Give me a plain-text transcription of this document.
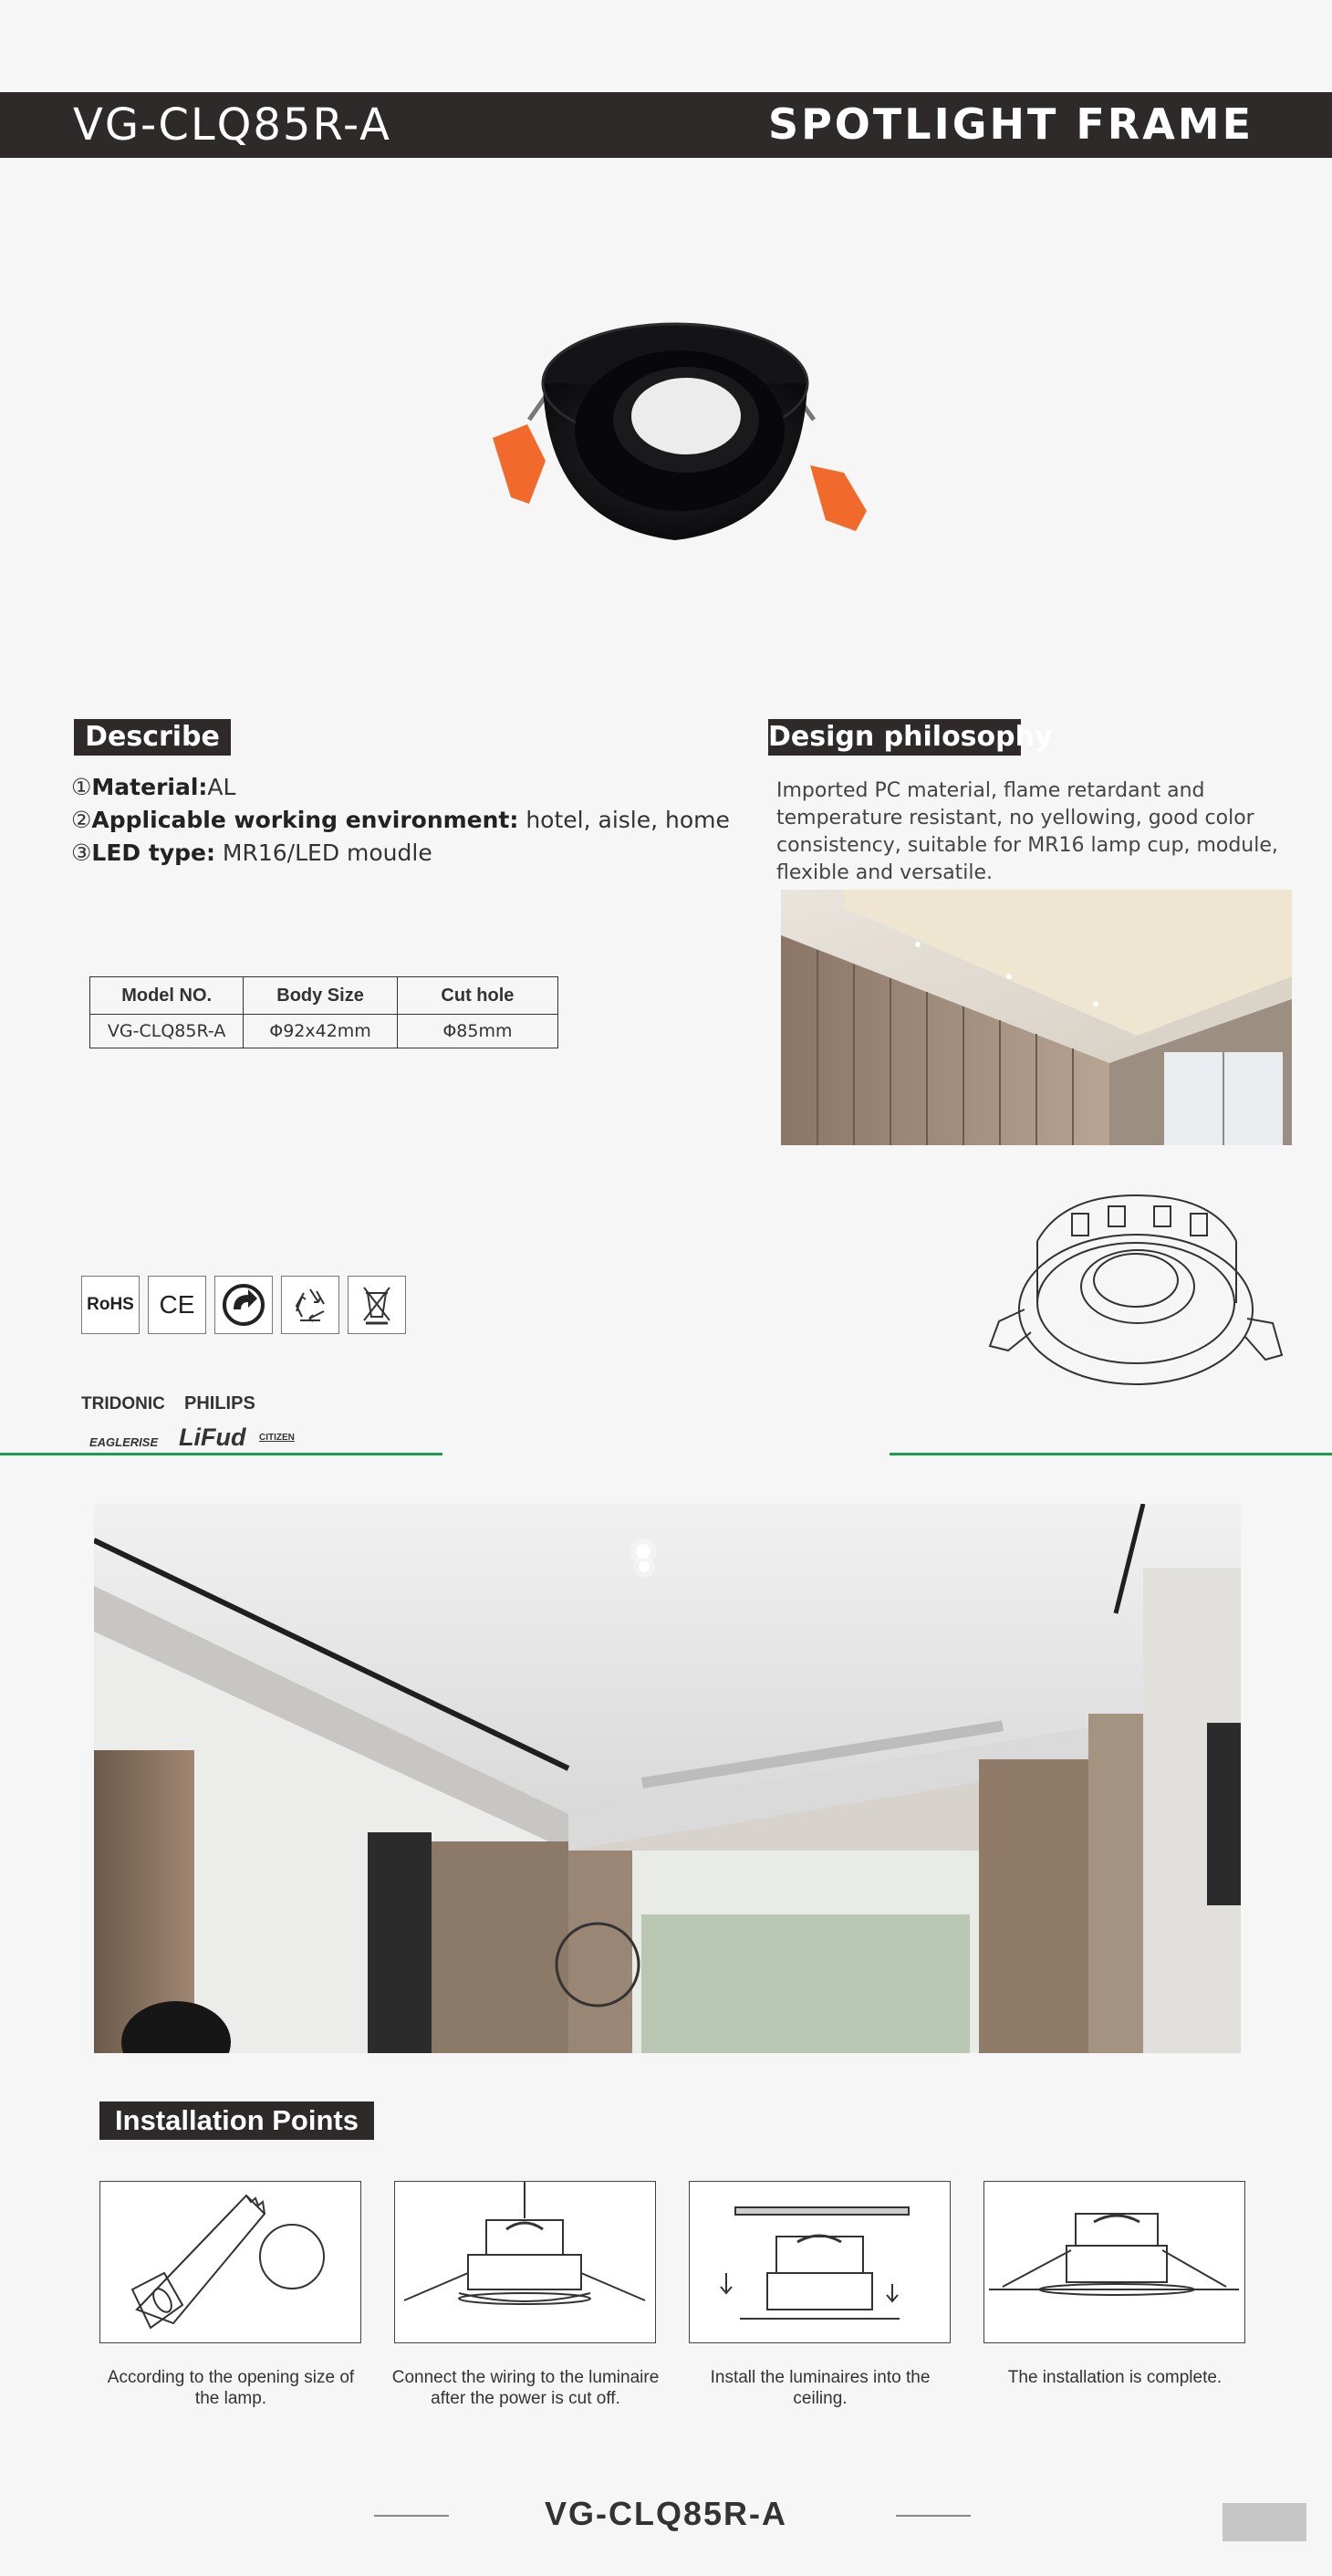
VG-CLQ85R-A	SPOTLIGHT FRAME
Describe
①Material:AL
②Applicable working environment: hotel, aisle, home
③LED type: MR16/LED moudle
Design philosophy
Imported PC material, flame retardant and temperature resistant, no yellowing, good color consistency, suitable for MR16 lamp cup, module, flexible and versatile.
Model NO.	Body Size	Cut hole
VG-CLQ85R-A	Φ92x42mm	Φ85mm
RoHS CE
TRIDONIC PHILIPS
EAGLERISE LiFud CITIZEN
Installation Points
According to the opening size of the lamp.
Connect the wiring to the luminaire after the power is cut off.
Install the luminaires into the ceiling.
The installation is complete.
VG-CLQ85R-A
